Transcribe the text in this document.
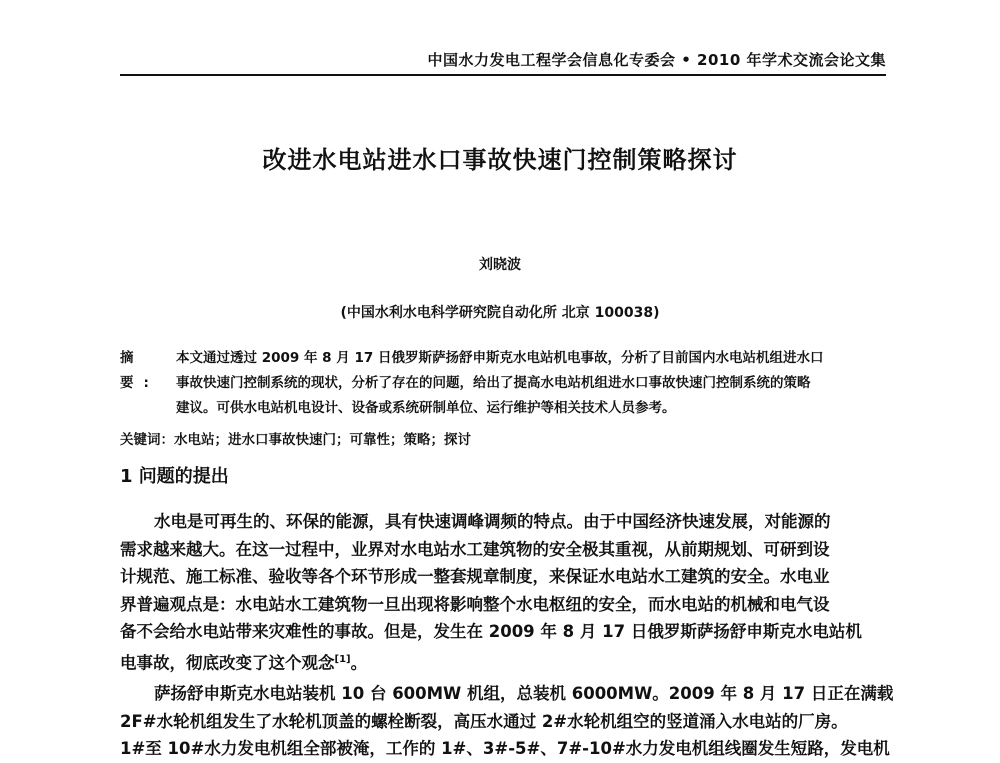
中国水力发电工程学会信息化专委会 • 2010 年学术交流会论文集
改进水电站进水口事故快速门控制策略探讨
刘晓波
(中国水利水电科学研究院自动化所 北京 100038)
摘要:
本文通过透过 2009 年 8 月 17 日俄罗斯萨扬舒申斯克水电站机电事故，分析了目前国内水电站机组进水口
事故快速门控制系统的现状，分析了存在的问题，给出了提高水电站机组进水口事故快速门控制系统的策略
建议。可供水电站机电设计、设备或系统研制单位、运行维护等相关技术人员参考。
关键词：水电站；进水口事故快速门；可靠性；策略；探讨
1 问题的提出
水电是可再生的、环保的能源，具有快速调峰调频的特点。由于中国经济快速发展，对能源的
需求越来越大。在这一过程中，业界对水电站水工建筑物的安全极其重视，从前期规划、可研到设
计规范、施工标准、验收等各个环节形成一整套规章制度，来保证水电站水工建筑的安全。水电业
界普遍观点是：水电站水工建筑物一旦出现将影响整个水电枢纽的安全，而水电站的机械和电气设
备不会给水电站带来灾难性的事故。但是，发生在 2009 年 8 月 17 日俄罗斯萨扬舒申斯克水电站机
电事故，彻底改变了这个观念[1]。
萨扬舒申斯克水电站装机 10 台 600MW 机组，总装机 6000MW。2009 年 8 月 17 日正在满载
2F#水轮机组发生了水轮机顶盖的螺栓断裂，高压水通过 2#水轮机组空的竖道涌入水电站的厂房。
1#至 10#水力发电机组全部被淹，工作的 1#、3#-5#、7#-10#水力发电机组线圈发生短路，发电机
